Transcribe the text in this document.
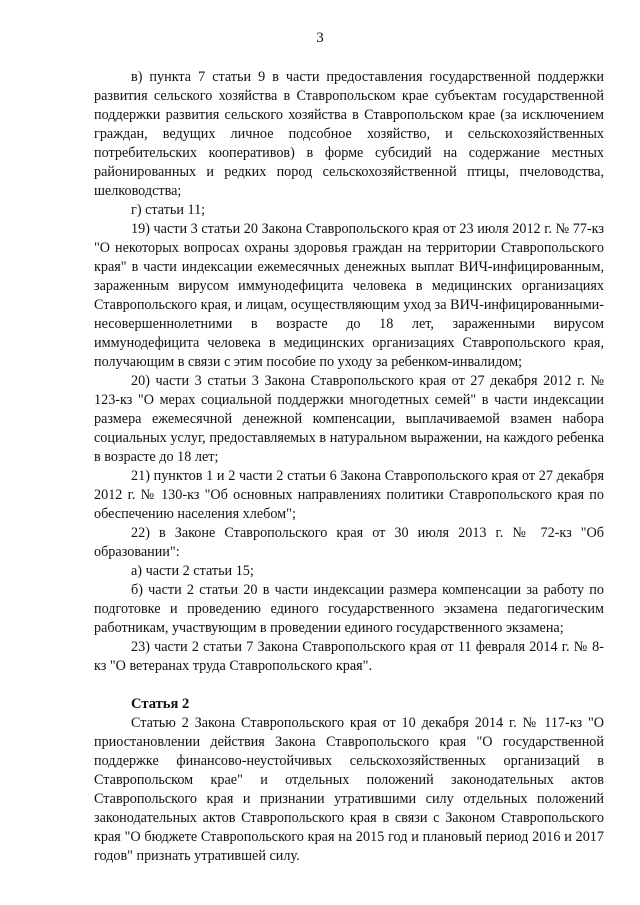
3

в) пункта 7 статьи 9 в части предоставления государственной поддержки развития сельского хозяйства в Ставропольском крае субъектам государственной поддержки развития сельского хозяйства в Ставропольском крае (за исключением граждан, ведущих личное подсобное хозяйство, и сельскохозяйственных потребительских кооперативов) в форме субсидий на содержание местных районированных и редких пород сельскохозяйственной птицы, пчеловодства, шелководства;

г) статьи 11;

19) части 3 статьи 20 Закона Ставропольского края от 23 июля 2012 г. № 77-кз "О некоторых вопросах охраны здоровья граждан на территории Ставропольского края" в части индексации ежемесячных денежных выплат ВИЧ-инфицированным, зараженным вирусом иммунодефицита человека в медицинских организациях Ставропольского края, и лицам, осуществляющим уход за ВИЧ-инфицированными-несовершеннолетними в возрасте до 18 лет, зараженными вирусом иммунодефицита человека в медицинских организациях Ставропольского края, получающим в связи с этим пособие по уходу за ребенком-инвалидом;

20) части 3 статьи 3 Закона Ставропольского края от 27 декабря 2012 г. № 123-кз "О мерах социальной поддержки многодетных семей" в части индексации размера ежемесячной денежной компенсации, выплачиваемой взамен набора социальных услуг, предоставляемых в натуральном выражении, на каждого ребенка в возрасте до 18 лет;

21) пунктов 1 и 2 части 2 статьи 6 Закона Ставропольского края от 27 декабря 2012 г. № 130-кз "Об основных направлениях политики Ставропольского края по обеспечению населения хлебом";

22) в Законе Ставропольского края от 30 июля 2013 г. № 72-кз "Об образовании":

а) части 2 статьи 15;

б) части 2 статьи 20 в части индексации размера компенсации за работу по подготовке и проведению единого государственного экзамена педагогическим работникам, участвующим в проведении единого государственного экзамена;

23) части 2 статьи 7 Закона Ставропольского края от 11 февраля 2014 г. № 8-кз "О ветеранах труда Ставропольского края".

Статья 2

Статью 2 Закона Ставропольского края от 10 декабря 2014 г. № 117-кз "О приостановлении действия Закона Ставропольского края "О государственной поддержке финансово-неустойчивых сельскохозяйственных организаций в Ставропольском крае" и отдельных положений законодательных актов Ставропольского края и признании утратившими силу отдельных положений законодательных актов Ставропольского края в связи с Законом Ставропольского края "О бюджете Ставропольского края на 2015 год и плановый период 2016 и 2017 годов" признать утратившей силу.
